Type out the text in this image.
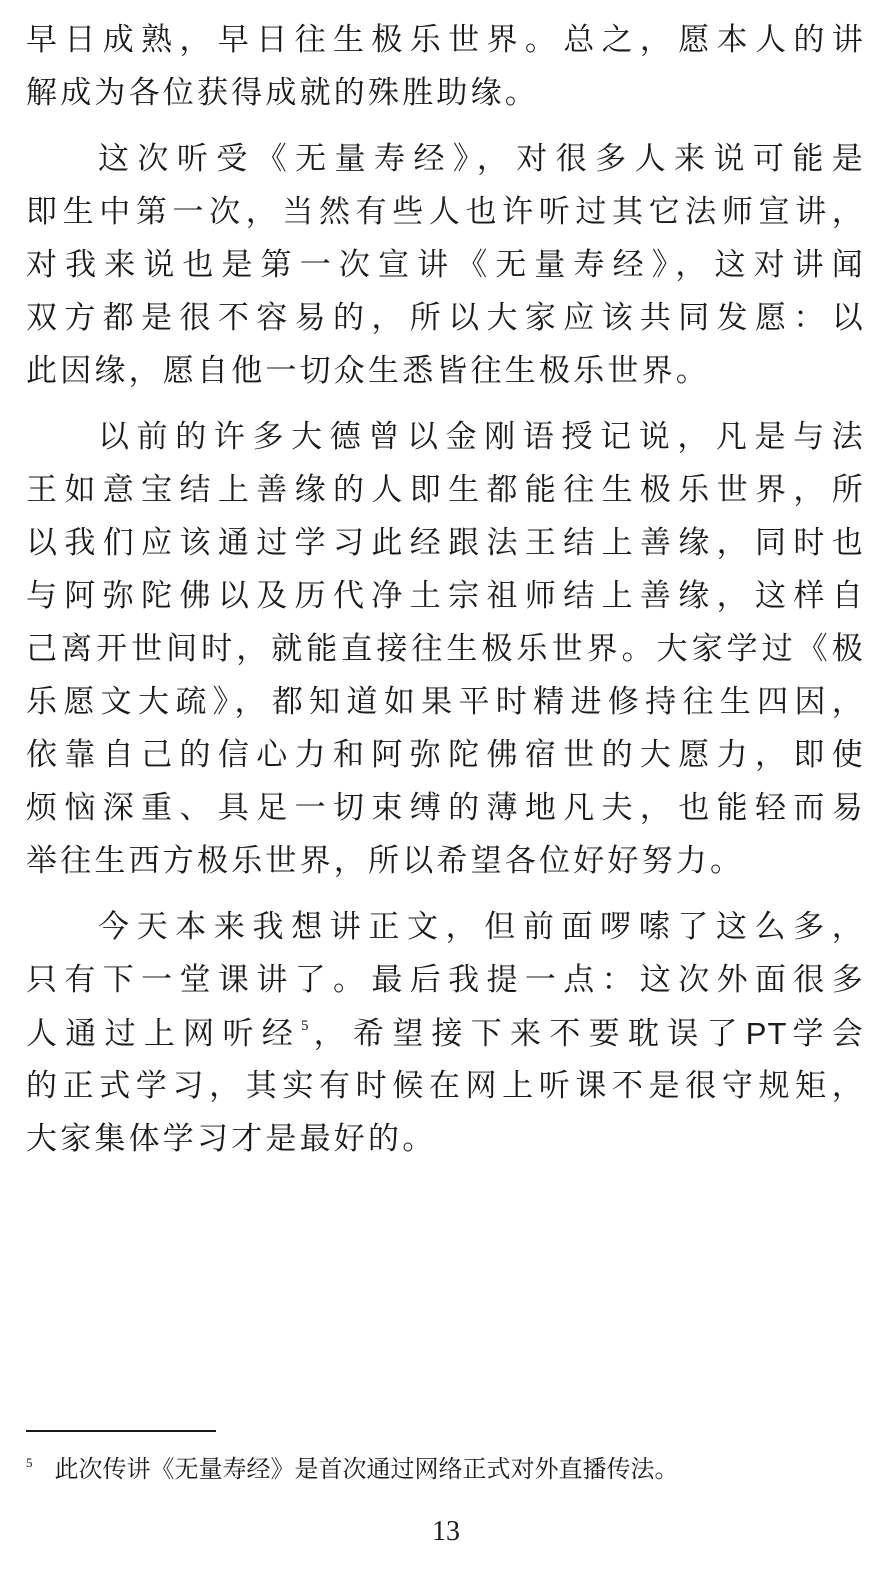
早日成熟，早日往生极乐世界。总之，愿本人的讲
解成为各位获得成就的殊胜助缘。

这次听受《无量寿经》，对很多人来说可能是
即生中第一次，当然有些人也许听过其它法师宣讲，
对我来说也是第一次宣讲《无量寿经》，这对讲闻
双方都是很不容易的，所以大家应该共同发愿：以
此因缘，愿自他一切众生悉皆往生极乐世界。

以前的许多大德曾以金刚语授记说，凡是与法
王如意宝结上善缘的人即生都能往生极乐世界，所
以我们应该通过学习此经跟法王结上善缘，同时也
与阿弥陀佛以及历代净土宗祖师结上善缘，这样自
己离开世间时，就能直接往生极乐世界。大家学过《极
乐愿文大疏》，都知道如果平时精进修持往生四因，
依靠自己的信心力和阿弥陀佛宿世的大愿力，即使
烦恼深重、具足一切束缚的薄地凡夫，也能轻而易
举往生西方极乐世界，所以希望各位好好努力。

今天本来我想讲正文，但前面啰嗦了这么多，
只有下一堂课讲了。最后我提一点：这次外面很多
人通过上网听经$^5$，希望接下来不要耽误了PT学会
的正式学习，其实有时候在网上听课不是很守规矩，
大家集体学习才是最好的。

$^5$ 此次传讲《无量寿经》是首次通过网络正式对外直播传法。
13
